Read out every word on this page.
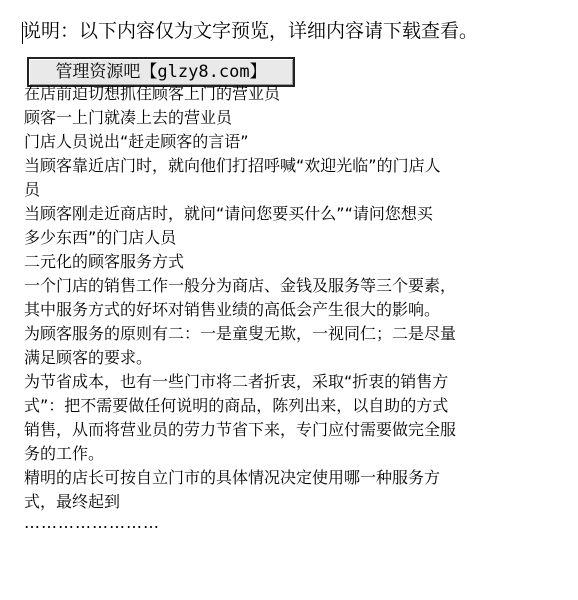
说明：以下内容仅为文字预览，详细内容请下载查看。
管理资源吧【glzy8.com】
在店前迫切想抓住顾客上门的营业员
顾客一上门就凑上去的营业员
门店人员说出“赶走顾客的言语”
当顾客靠近店门时，就向他们打招呼喊“欢迎光临”的门店人
员
当顾客刚走近商店时，就问“请问您要买什么”“请问您想买
多少东西”的门店人员
二元化的顾客服务方式
一个门店的销售工作一般分为商店、金钱及服务等三个要素，
其中服务方式的好坏对销售业绩的高低会产生很大的影响。
为顾客服务的原则有二：一是童叟无欺，一视同仁；二是尽量
满足顾客的要求。
为节省成本，也有一些门市将二者折衷，采取“折衷的销售方
式”：把不需要做任何说明的商品，陈列出来，以自助的方式
销售，从而将营业员的劳力节省下来，专门应付需要做完全服
务的工作。
精明的店长可按自立门市的具体情况决定使用哪一种服务方
式，最终起到
……………………
